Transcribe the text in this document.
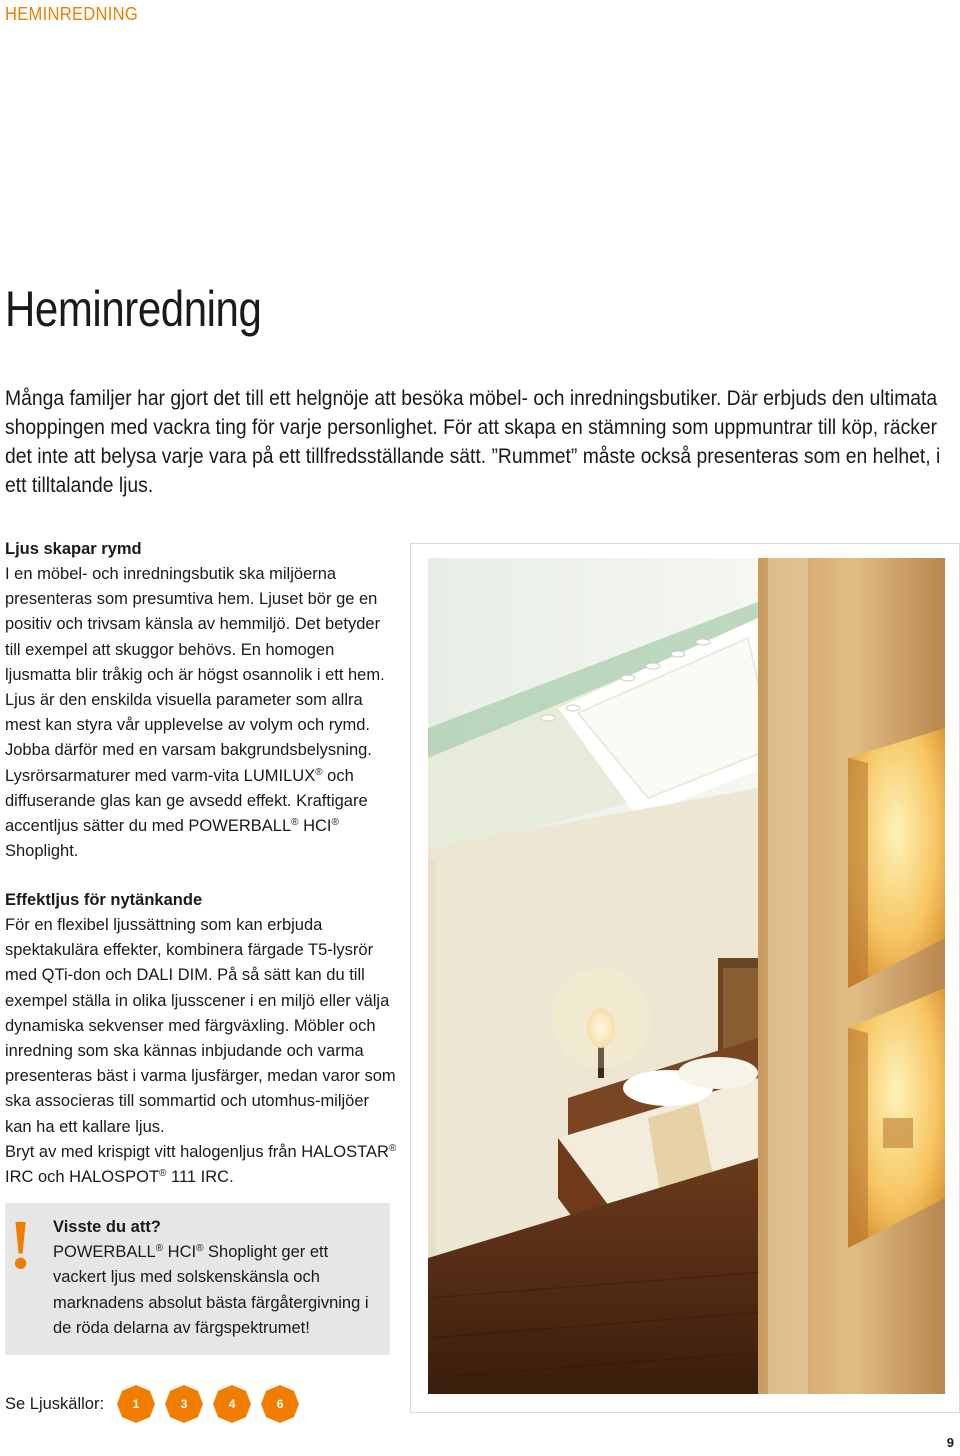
HEMINREDNING
Heminredning
Många familjer har gjort det till ett helgnöje att besöka möbel- och inredningsbutiker. Där erbjuds den ultimata shoppingen med vackra ting för varje personlighet. För att skapa en stämning som uppmuntrar till köp, räcker det inte att belysa varje vara på ett tillfredsställande sätt. ”Rummet” måste också presenteras som en helhet, i ett tilltalande ljus.
Ljus skapar rymd

I en möbel- och inredningsbutik ska miljöerna presenteras som presumtiva hem. Ljuset bör ge en positiv och trivsam känsla av hemmiljö. Det betyder till exempel att skuggor behövs. En homogen ljusmatta blir tråkig och är högst osannolik i ett hem. Ljus är den enskilda visuella parameter som allra mest kan styra vår upplevelse av volym och rymd. Jobba därför med en varsam bakgrundsbelysning. Lysrörsarmaturer med varm-vita LUMILUX® och diffuserande glas kan ge avsedd effekt. Kraftigare accentljus sätter du med POWERBALL® HCI® Shoplight.

Effektljus för nytänkande

För en flexibel ljussättning som kan erbjuda spektakulära effekter, kombinera färgade T5-lysrör med QTi-don och DALI DIM. På så sätt kan du till exempel ställa in olika ljusscener i en miljö eller välja dynamiska sekvenser med färgväxling. Möbler och inredning som ska kännas inbjudande och varma presenteras bäst i varma ljusfärger, medan varor som ska associeras till sommartid och utomhus-miljöer kan ha ett kallare ljus.
Bryt av med krispigt vitt halogenljus från HALOSTAR® IRC och HALOSPOT® 111 IRC.

! Visste du att?
POWERBALL® HCI® Shoplight ger ett vackert ljus med solskenskänsla och marknadens absolut bästa färgåtergivning i de röda delarna av färgspektrumet!
Se Ljuskällor: 1	3	4	6
9
